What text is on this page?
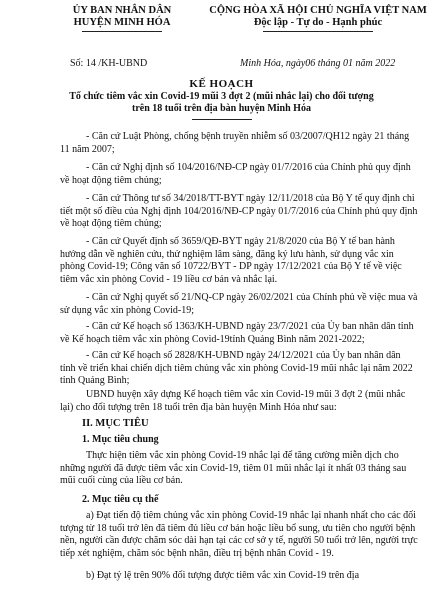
ỦY BAN NHÂN DÂN
HUYỆN MINH HÓA
CỘNG HÒA XÃ HỘI CHỦ NGHĨA VIỆT NAM
Độc lập - Tự do - Hạnh phúc
Số: 14 /KH-UBND	Minh Hóa, ngày06 tháng 01 năm 2022
KẾ HOẠCH
Tổ chức tiêm vắc xin Covid-19 mũi 3 đợt 2 (mũi nhắc lại) cho đối tượng
trên 18 tuổi trên địa bàn huyện Minh Hóa
- Căn cứ Luật Phòng, chống bệnh truyền nhiễm số 03/2007/QH12 ngày 21 tháng 11 năm 2007;
- Căn cứ Nghị định số 104/2016/NĐ-CP ngày 01/7/2016 của Chính phủ quy định về hoạt động tiêm chủng;
- Căn cứ Thông tư số 34/2018/TT-BYT ngày 12/11/2018 của Bộ Y tế quy định chi tiết một số điều của Nghị định 104/2016/NĐ-CP ngày 01/7/2016 của Chính phủ quy định về hoạt động tiêm chủng;
- Căn cứ Quyết định số 3659/QĐ-BYT ngày 21/8/2020 của Bộ Y tế ban hành hướng dẫn về nghiên cứu, thử nghiệm lâm sàng, đăng ký lưu hành, sử dụng vắc xin phòng Covid-19; Công văn số 10722/BYT - DP ngày 17/12/2021 của Bộ Y tế về việc tiêm vắc xin phòng Covid - 19 liều cơ bản và nhắc lại.
- Căn cứ Nghị quyết số 21/NQ-CP ngày 26/02/2021 của Chính phủ về việc mua và sử dụng vắc xin phòng Covid-19;
- Căn cứ Kế hoạch số 1363/KH-UBND ngày 23/7/2021 của Ủy ban nhân dân tỉnh về Kế hoạch tiêm vắc xin phòng Covid-19tỉnh Quảng Bình năm 2021-2022;
- Căn cứ Kế hoạch số 2828/KH-UBND ngày 24/12/2021 của Ủy ban nhân dân tỉnh về triển khai chiến dịch tiêm chủng vắc xin phòng Covid-19 mũi nhắc lại năm 2022 tỉnh Quảng Bình;
UBND huyện xây dựng Kế hoạch tiêm vắc xin Covid-19 mũi 3 đợt 2 (mũi nhắc lại) cho đối tượng trên 18 tuổi trên địa bàn huyện Minh Hóa như sau:
II. MỤC TIÊU
1. Mục tiêu chung
Thực hiện tiêm vắc xin phòng Covid-19 nhắc lại để tăng cường miễn dịch cho những người đã được tiêm vắc xin Covid-19, tiêm 01 mũi nhắc lại ít nhất 03 tháng sau mũi cuối cùng của liều cơ bản.
2. Mục tiêu cụ thể
a) Đạt tiến độ tiêm chủng vắc xin phòng Covid-19 nhắc lại nhanh nhất cho các đối tượng từ 18 tuổi trở lên đã tiêm đủ liều cơ bản hoặc liều bổ sung, ưu tiên cho người bệnh nền, người cần được chăm sóc dài hạn tại các cơ sở y tế, người 50 tuổi trở lên, người trực tiếp xét nghiệm, chăm sóc bệnh nhân, điều trị bệnh nhân Covid - 19.
b) Đạt tỷ lệ trên 90% đối tượng được tiêm vắc xin Covid-19 trên địa
